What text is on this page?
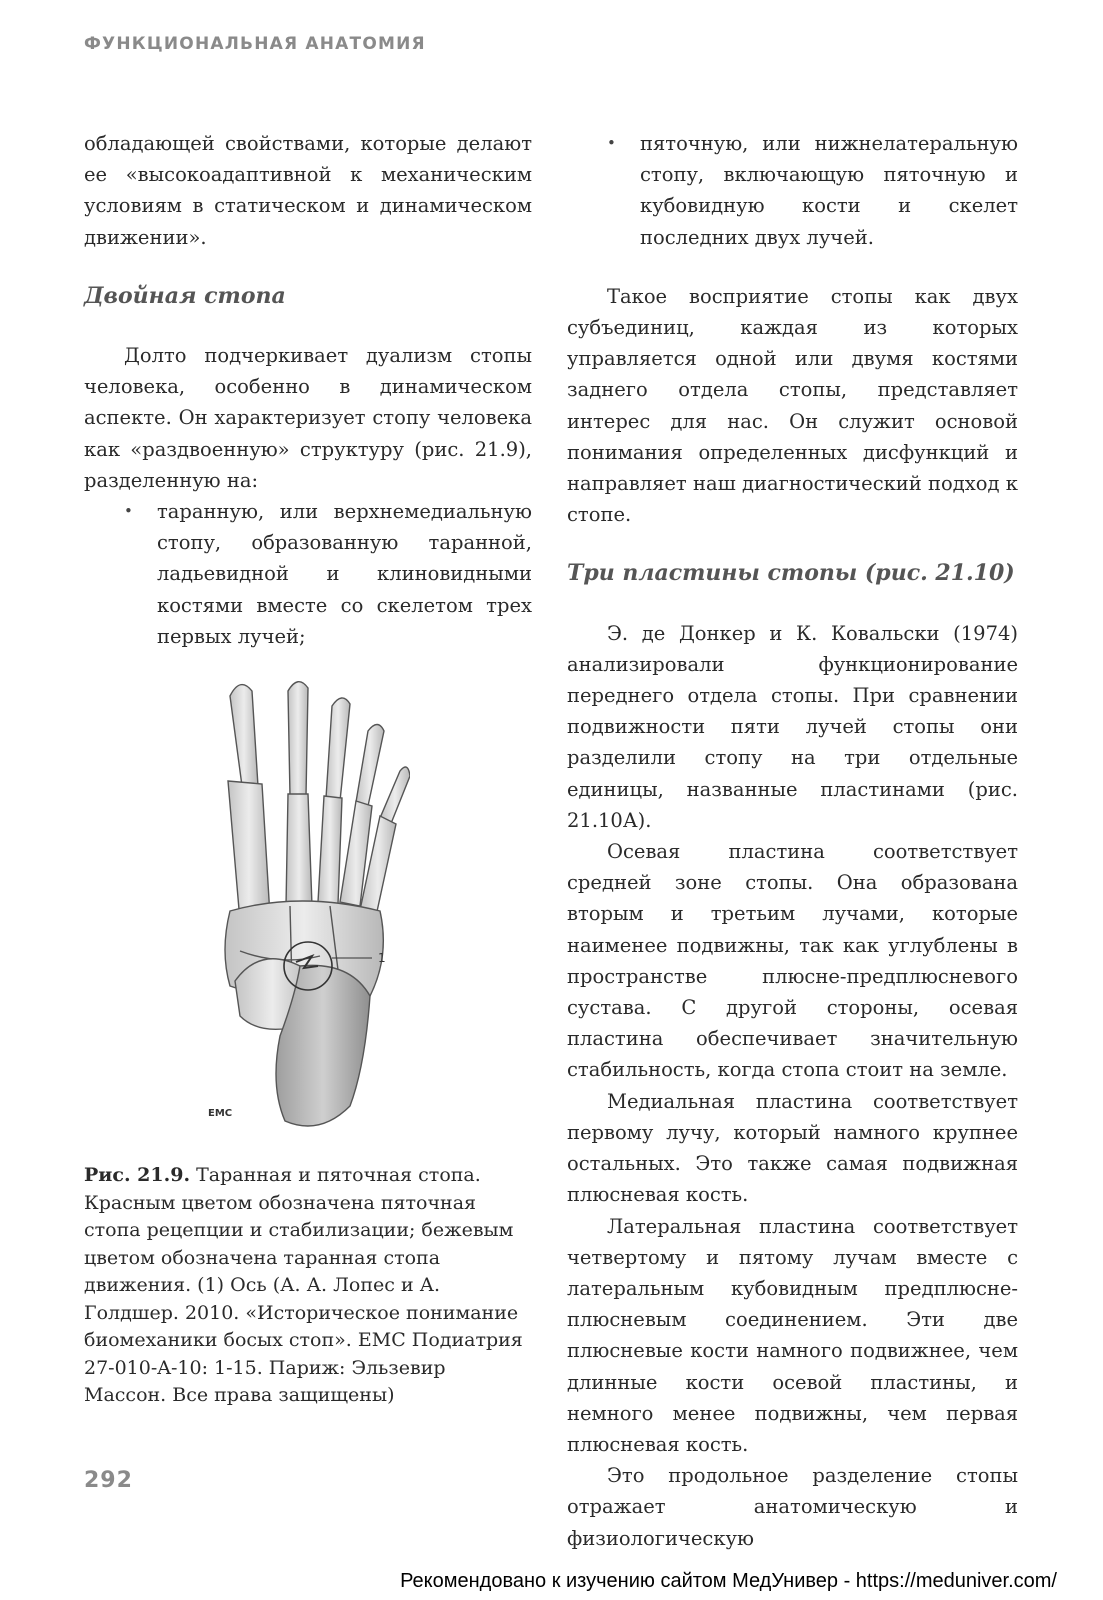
ФУНКЦИОНАЛЬНАЯ АНАТОМИЯ

обладающей свойствами, которые делают ее «высокоадаптивной к механическим условиям в статическом и динамическом движении».

Двойная стопа

Долто подчеркивает дуализм стопы человека, особенно в динамическом аспекте. Он характеризует стопу человека как «раздвоенную» структуру (рис. 21.9), разделенную на:

• таранную, или верхнемедиальную стопу, образованную таранной, ладьевидной и клиновидными костями вместе со скелетом трех первых лучей;
1
EMC
Рис. 21.9. Таранная и пяточная стопа. Красным цветом обозначена пяточная стопа рецепции и стабилизации; бежевым цветом обозначена таранная стопа движения. (1) Ось (А. А. Лопес и А. Голдшер. 2010. «Историческое понимание биомеханики босых стоп». EMC Подиатрия 27-010-A-10: 1-15. Париж: Эльзевир Массон. Все права защищены)
• пяточную, или нижнелатеральную стопу, включающую пяточную и кубовидную кости и скелет последних двух лучей.

Такое восприятие стопы как двух субъединиц, каждая из которых управляется одной или двумя костями заднего отдела стопы, представляет интерес для нас. Он служит основой понимания определенных дисфункций и направляет наш диагностический подход к стопе.

Три пластины стопы (рис. 21.10)

Э. де Донкер и К. Ковальски (1974) анализировали функционирование переднего отдела стопы. При сравнении подвижности пяти лучей стопы они разделили стопу на три отдельные единицы, названные пластинами (рис. 21.10А).

Осевая пластина соответствует средней зоне стопы. Она образована вторым и третьим лучами, которые наименее подвижны, так как углублены в пространстве плюсне-предплюсневого сустава. С другой стороны, осевая пластина обеспечивает значительную стабильность, когда стопа стоит на земле.

Медиальная пластина соответствует первому лучу, который намного крупнее остальных. Это также самая подвижная плюсневая кость.

Латеральная пластина соответствует четвертому и пятому лучам вместе с латеральным кубовидным предплюсне-плюсневым соединением. Эти две плюсневые кости намного подвижнее, чем длинные кости осевой пластины, и немного менее подвижны, чем первая плюсневая кость.

Это продольное разделение стопы отражает анатомическую и физиологическую

292
Рекомендовано к изучению сайтом МедУнивер - https://meduniver.com/
